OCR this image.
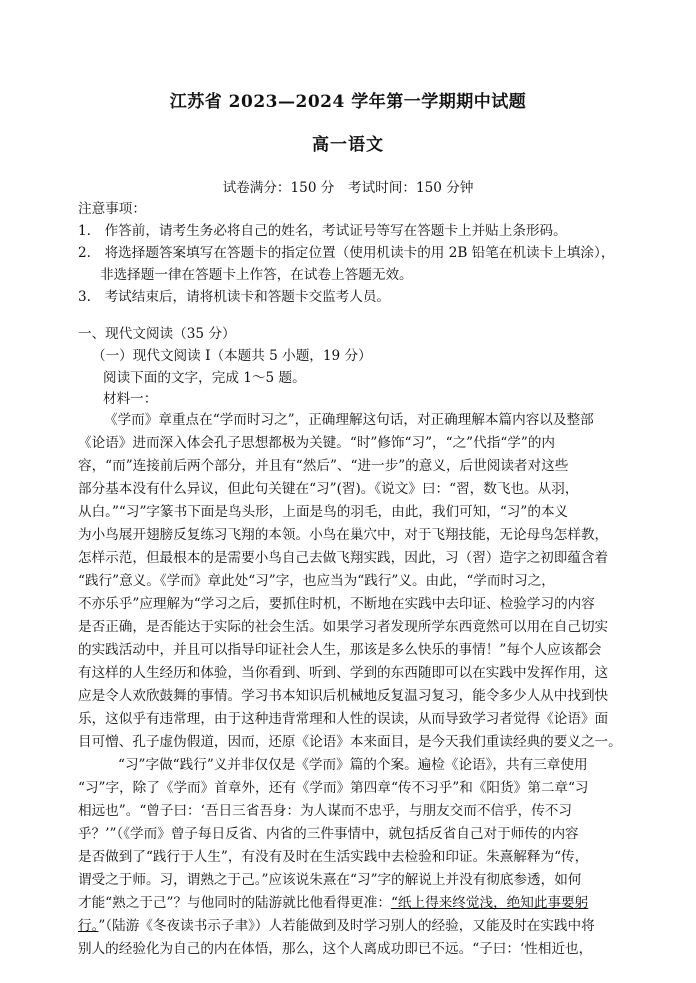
江苏省 2023—2024 学年第一学期期中试题
高一语文
试卷满分：150 分　考试时间：150 分钟
注意事项：
1.　作答前，请考生务必将自己的姓名，考试证号等写在答题卡上并贴上条形码。
2.　将选择题答案填写在答题卡的指定位置（使用机读卡的用 2B 铅笔在机读卡上填涂），
非选择题一律在答题卡上作答，在试卷上答题无效。
3.　考试结束后，请将机读卡和答题卡交监考人员。
一、现代文阅读（35 分）
（一）现代文阅读 I（本题共 5 小题，19 分）
阅读下面的文字，完成 1～5 题。
材料一：
《学而》章重点在“学而时习之”，正确理解这句话，对正确理解本篇内容以及整部
《论语》进而深入体会孔子思想都极为关键。“时”修饰“习”，“之”代指“学”的内
容，“而”连接前后两个部分，并且有“然后”、“进一步”的意义，后世阅读者对这些
部分基本没有什么异议，但此句关键在“习”(習)。《说文》曰：“習，数飞也。从羽，
从白。”“习”字篆书下面是鸟头形，上面是鸟的羽毛，由此，我们可知，“习”的本义
为小鸟展开翅膀反复练习飞翔的本领。小鸟在巢穴中，对于飞翔技能，无论母鸟怎样教，
怎样示范，但最根本的是需要小鸟自己去做飞翔实践，因此，习（習）造字之初即蕴含着
“践行”意义。《学而》章此处“习”字，也应当为“践行”义。由此，“学而时习之，
不亦乐乎”应理解为“学习之后，要抓住时机，不断地在实践中去印证、检验学习的内容
是否正确，是否能达于实际的社会生活。如果学习者发现所学东西竟然可以用在自己切实
的实践活动中，并且可以指导印证社会人生，那该是多么快乐的事情！”每个人应该都会
有这样的人生经历和体验，当你看到、听到、学到的东西随即可以在实践中发挥作用，这
应是令人欢欣鼓舞的事情。学习书本知识后机械地反复温习复习，能令多少人从中找到快
乐，这似乎有违常理，由于这种违背常理和人性的误读，从而导致学习者觉得《论语》面
目可憎、孔子虚伪假道，因而，还原《论语》本来面目，是今天我们重读经典的要义之一。
“习”字做“践行”义并非仅仅是《学而》篇的个案。遍检《论语》，共有三章使用
“习”字，除了《学而》首章外，还有《学而》第四章“传不习乎”和《阳货》第二章“习
相远也”。“曾子曰：‘吾日三省吾身：为人谋而不忠乎，与朋友交而不信乎，传不习
乎？’”（《学而》曾子每日反省、内省的三件事情中，就包括反省自己对于师传的内容
是否做到了“践行于人生”，有没有及时在生活实践中去检验和印证。朱熹解释为“传，
谓受之于师。习，谓熟之于己。”应该说朱熹在“习”字的解说上并没有彻底参透，如何
才能“熟之于己”？与他同时的陆游就比他看得更准：“纸上得来终觉浅，绝知此事要躬
行。”（陆游《冬夜读书示子聿》）人若能做到及时学习别人的经验，又能及时在实践中将
别人的经验化为自己的内在体悟，那么，这个人离成功即已不远。“子曰：‘性相近也，
